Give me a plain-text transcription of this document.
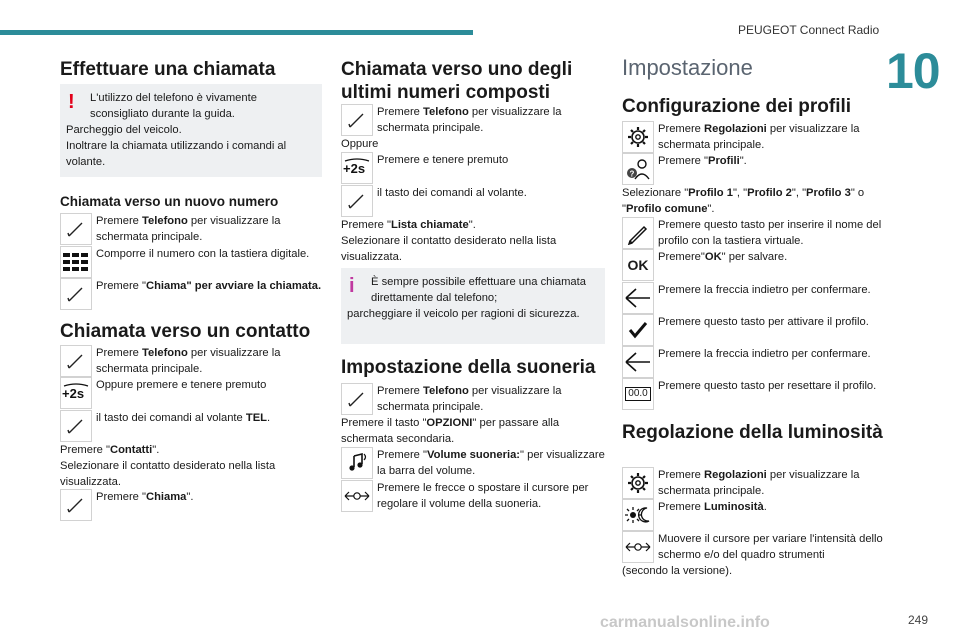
PEUGEOT Connect Radio
10
carmanualsonline.info	249
Effettuare una chiamata
!	L'utilizzo del telefono è vivamente sconsigliato durante la guida.
Parcheggio del veicolo.
Inoltrare la chiamata utilizzando i comandi al volante.
Chiamata verso un nuovo numero
Premere Telefono per visualizzare la schermata principale.
Comporre il numero con la tastiera digitale.
Premere "Chiama" per avviare la chiamata.
Chiamata verso un contatto
Premere Telefono per visualizzare la schermata principale.
+2s
Oppure premere e tenere premuto
il tasto dei comandi al volante TEL.
Premere "Contatti".
Selezionare il contatto desiderato nella lista visualizzata.
Premere "Chiama".
Chiamata verso uno degli ultimi numeri composti
Premere Telefono per visualizzare la schermata principale.
Oppure
+2s
Premere e tenere premuto
il tasto dei comandi al volante.
Premere "Lista chiamate".
Selezionare il contatto desiderato nella lista visualizzata.
i	È sempre possibile effettuare una chiamata direttamente dal telefono;
parcheggiare il veicolo per ragioni di sicurezza.
Impostazione della suoneria
Premere Telefono per visualizzare la schermata principale.
Premere il tasto "OPZIONI" per passare alla schermata secondaria.
Premere "Volume suoneria:" per visualizzare la barra del volume.
Premere le frecce o spostare il cursore per regolare il volume della suoneria.
Impostazione
Configurazione dei profili
Premere Regolazioni per visualizzare la schermata principale.
?
Premere "Profili".
Selezionare "Profilo 1", "Profilo 2", "Profilo 3" o "Profilo comune".
Premere questo tasto per inserire il nome del profilo con la tastiera virtuale.
OK Premere"OK" per salvare.
Premere la freccia indietro per confermare.
Premere questo tasto per attivare il profilo.
Premere la freccia indietro per confermare.
00.0
Premere questo tasto per resettare il profilo.
Regolazione della luminosità
Premere Regolazioni per visualizzare la schermata principale.
Premere Luminosità.
Muovere il cursore per variare l'intensità dello schermo e/o del quadro strumenti
(secondo la versione).
